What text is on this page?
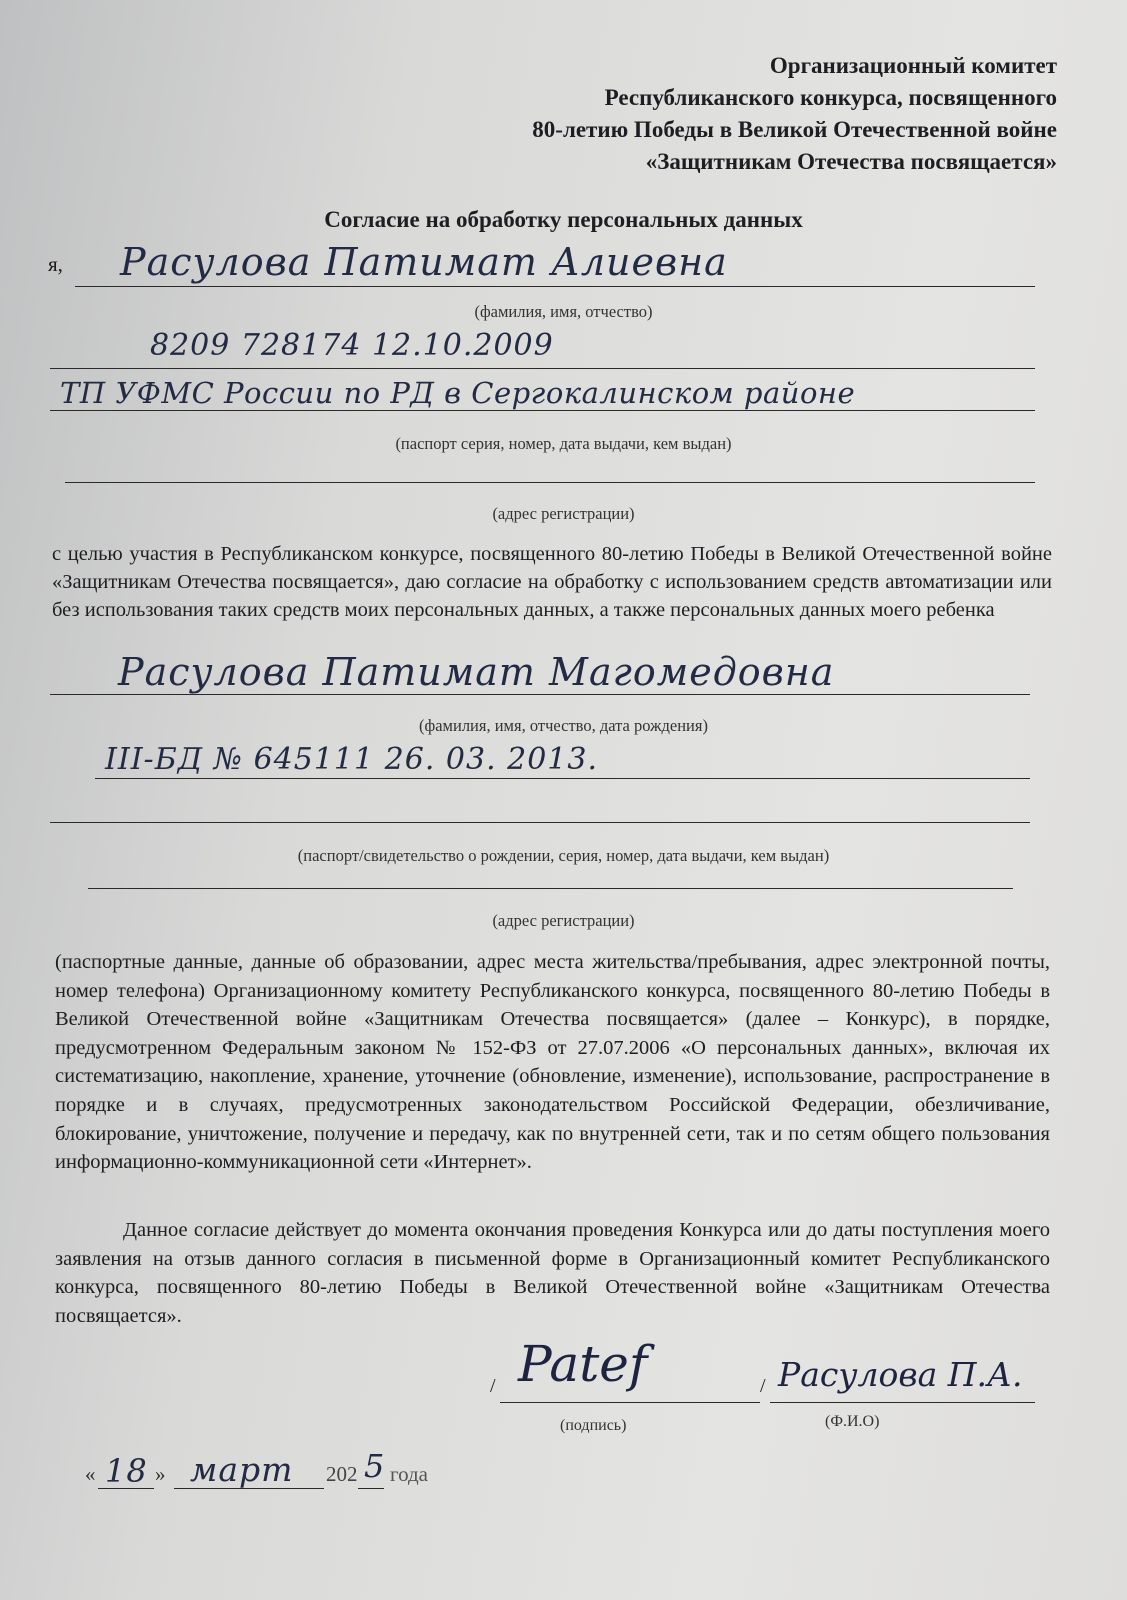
Организационный комитет
Республиканского конкурса, посвященного
80-летию Победы в Великой Отечественной войне
«Защитникам Отечества посвящается»
Согласие на обработку персональных данных
я, Расулова Патимат Алиевна
(фамилия, имя, отчество)
8209 728174 12.10.2009
ТП УФМС России по РД в Сергокалинском районе
(паспорт серия, номер, дата выдачи, кем выдан)
(адрес регистрации)
с целью участия в Республиканском конкурсе, посвященного 80-летию Победы в Великой Отечественной войне «Защитникам Отечества посвящается», даю согласие на обработку с использованием средств автоматизации или без использования таких средств моих персональных данных, а также персональных данных моего ребенка
Расулова Патимат Магомедовна
(фамилия, имя, отчество, дата рождения)
III-БД № 645111 26. 03. 2013.
(паспорт/свидетельство о рождении, серия, номер, дата выдачи, кем выдан)
(адрес регистрации)
(паспортные данные, данные об образовании, адрес места жительства/пребывания, адрес электронной почты, номер телефона) Организационному комитету Республиканского конкурса, посвященного 80-летию Победы в Великой Отечественной войне «Защитникам Отечества посвящается» (далее – Конкурс), в порядке, предусмотренном Федеральным законом № 152-ФЗ от 27.07.2006 «О персональных данных», включая их систематизацию, накопление, хранение, уточнение (обновление, изменение), использование, распространение в порядке и в случаях, предусмотренных законодательством Российской Федерации, обезличивание, блокирование, уничтожение, получение и передачу, как по внутренней сети, так и по сетям общего пользования информационно-коммуникационной сети «Интернет».
Данное согласие действует до момента окончания проведения Конкурса или до даты поступления моего заявления на отзыв данного согласия в письменной форме в Организационный комитет Республиканского конкурса, посвященного 80-летию Победы в Великой Отечественной войне «Защитникам Отечества посвящается».
/ Patef	/ Расулова П.А.
(подпись)	(Ф.И.О)
« 18 » март 202 5 года
